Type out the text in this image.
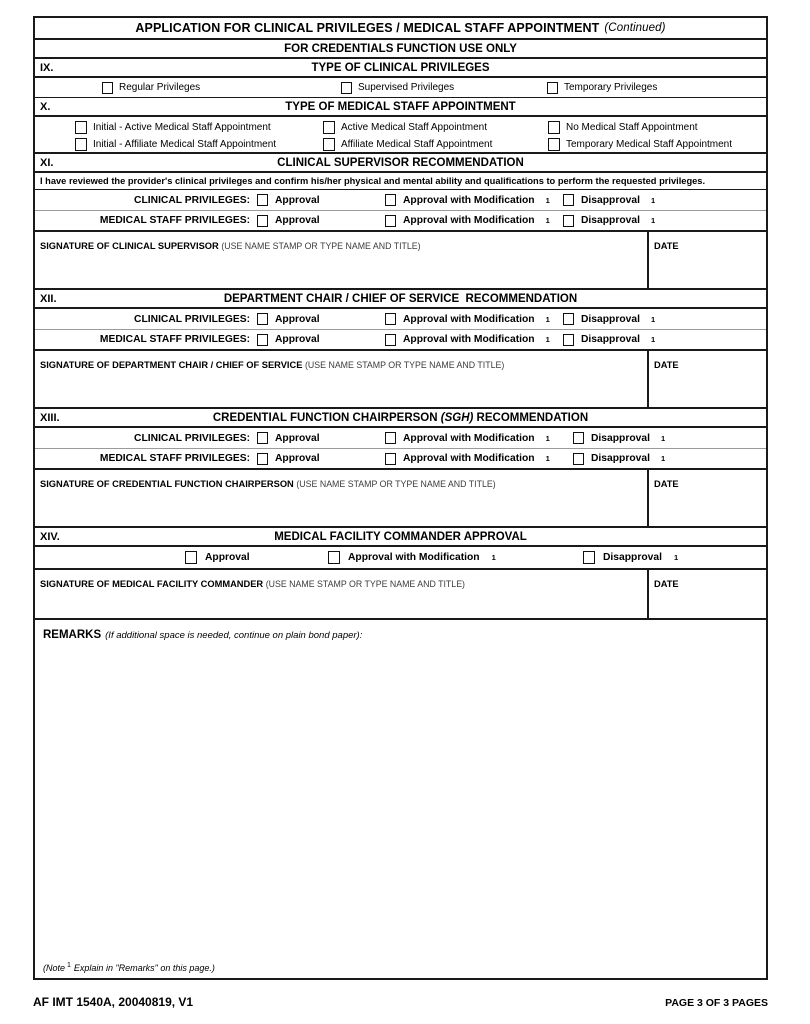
APPLICATION FOR CLINICAL PRIVILEGES / MEDICAL STAFF APPOINTMENT (Continued)
FOR CREDENTIALS FUNCTION USE ONLY
IX.	TYPE OF CLINICAL PRIVILEGES
Regular Privileges	Supervised Privileges	Temporary Privileges
X.	TYPE OF MEDICAL STAFF APPOINTMENT
Initial - Active Medical Staff Appointment	Active Medical Staff Appointment	No Medical Staff Appointment
Initial - Affiliate Medical Staff Appointment	Affiliate Medical Staff Appointment	Temporary Medical Staff Appointment
XI.	CLINICAL SUPERVISOR RECOMMENDATION
I have reviewed the provider's clinical privileges and confirm his/her physical and mental ability and qualifications to perform the requested privileges.
CLINICAL PRIVILEGES: Approval	Approval with Modification 1	Disapproval 1
MEDICAL STAFF PRIVILEGES: Approval	Approval with Modification 1	Disapproval 1
SIGNATURE OF CLINICAL SUPERVISOR (USE NAME STAMP OR TYPE NAME AND TITLE)	DATE
XII.	DEPARTMENT CHAIR / CHIEF OF SERVICE  RECOMMENDATION
CLINICAL PRIVILEGES: Approval	Approval with Modification 1	Disapproval 1
MEDICAL STAFF PRIVILEGES: Approval	Approval with Modification 1	Disapproval 1
SIGNATURE OF DEPARTMENT CHAIR / CHIEF OF SERVICE (USE NAME STAMP OR TYPE NAME AND TITLE)	DATE
XIII.	CREDENTIAL FUNCTION CHAIRPERSON (SGH) RECOMMENDATION
CLINICAL PRIVILEGES: Approval	Approval with Modification 1	Disapproval 1
MEDICAL STAFF PRIVILEGES: Approval	Approval with Modification 1	Disapproval 1
SIGNATURE OF CREDENTIAL FUNCTION CHAIRPERSON (USE NAME STAMP OR TYPE NAME AND TITLE)	DATE
XIV.	MEDICAL FACILITY COMMANDER APPROVAL
Approval	Approval with Modification 1	Disapproval 1
SIGNATURE OF MEDICAL FACILITY COMMANDER (USE NAME STAMP OR TYPE NAME AND TITLE)	DATE
REMARKS (If additional space is needed, continue on plain bond paper):
(Note $^1$ Explain in "Remarks" on this page.)
AF IMT 1540A, 20040819, V1	PAGE 3 OF 3 PAGES
